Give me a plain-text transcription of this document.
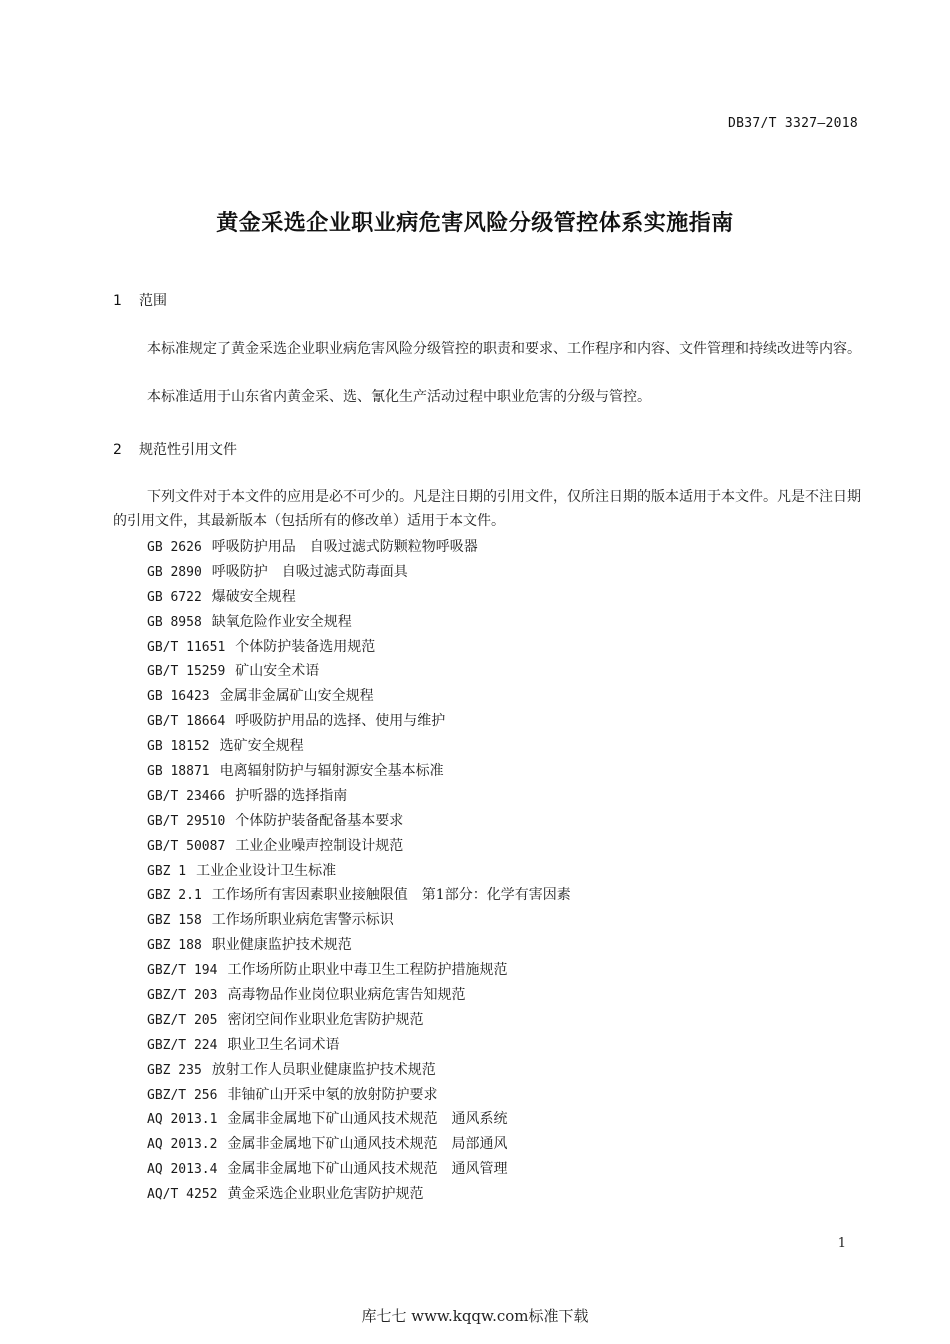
DB37/T 3327—2018
黄金采选企业职业病危害风险分级管控体系实施指南
1 范围
本标准规定了黄金采选企业职业病危害风险分级管控的职责和要求、工作程序和内容、文件管理和持续改进等内容。
本标准适用于山东省内黄金采、选、氰化生产活动过程中职业危害的分级与管控。
2 规范性引用文件
下列文件对于本文件的应用是必不可少的。凡是注日期的引用文件，仅所注日期的版本适用于本文件。凡是不注日期的引用文件，其最新版本（包括所有的修改单）适用于本文件。
GB 2626 呼吸防护用品　自吸过滤式防颗粒物呼吸器
GB 2890 呼吸防护　自吸过滤式防毒面具
GB 6722 爆破安全规程
GB 8958 缺氧危险作业安全规程
GB/T 11651 个体防护装备选用规范
GB/T 15259 矿山安全术语
GB 16423 金属非金属矿山安全规程
GB/T 18664 呼吸防护用品的选择、使用与维护
GB 18152 选矿安全规程
GB 18871 电离辐射防护与辐射源安全基本标准
GB/T 23466 护听器的选择指南
GB/T 29510 个体防护装备配备基本要求
GB/T 50087 工业企业噪声控制设计规范
GBZ 1 工业企业设计卫生标准
GBZ 2.1 工作场所有害因素职业接触限值　第1部分：化学有害因素
GBZ 158 工作场所职业病危害警示标识
GBZ 188 职业健康监护技术规范
GBZ/T 194 工作场所防止职业中毒卫生工程防护措施规范
GBZ/T 203 高毒物品作业岗位职业病危害告知规范
GBZ/T 205 密闭空间作业职业危害防护规范
GBZ/T 224 职业卫生名词术语
GBZ 235 放射工作人员职业健康监护技术规范
GBZ/T 256 非铀矿山开采中氡的放射防护要求
AQ 2013.1 金属非金属地下矿山通风技术规范　通风系统
AQ 2013.2 金属非金属地下矿山通风技术规范　局部通风
AQ 2013.4 金属非金属地下矿山通风技术规范　通风管理
AQ/T 4252 黄金采选企业职业危害防护规范
1
库七七 www.kqqw.com标准下载
